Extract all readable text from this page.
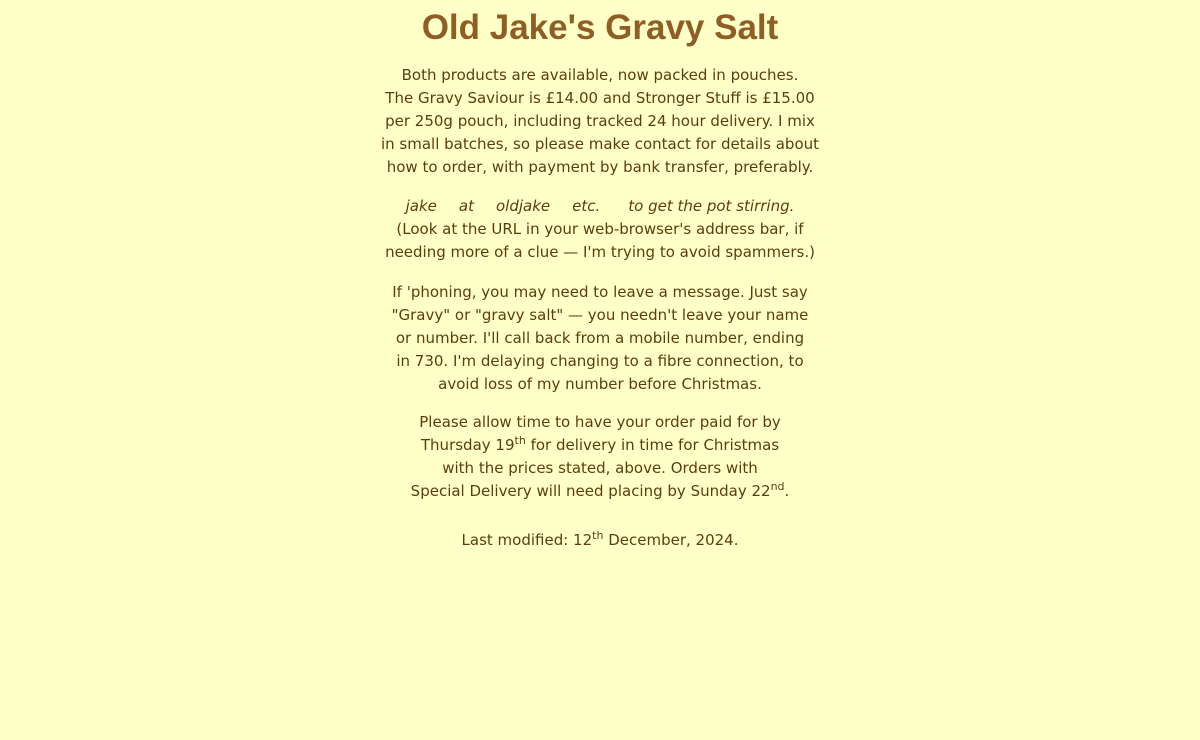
Old Jake's Gravy Salt
Both products are available, now packed in pouches.
The Gravy Saviour is £14.00 and Stronger Stuff is £15.00
per 250g pouch, including tracked 24 hour delivery. I mix
in small batches, so please make contact for details about
how to order, with payment by bank transfer, preferably.
jake at oldjake etc. to get the pot stirring.
(Look at the URL in your web-browser's address bar, if
needing more of a clue — I'm trying to avoid spammers.)
If 'phoning, you may need to leave a message. Just say
"Gravy" or "gravy salt" — you needn't leave your name
or number. I'll call back from a mobile number, ending
in 730. I'm delaying changing to a fibre connection, to
avoid loss of my number before Christmas.
Please allow time to have your order paid for by
Thursday 19th for delivery in time for Christmas
with the prices stated, above. Orders with
Special Delivery will need placing by Sunday 22nd.
Last modified: 12th December, 2024.
